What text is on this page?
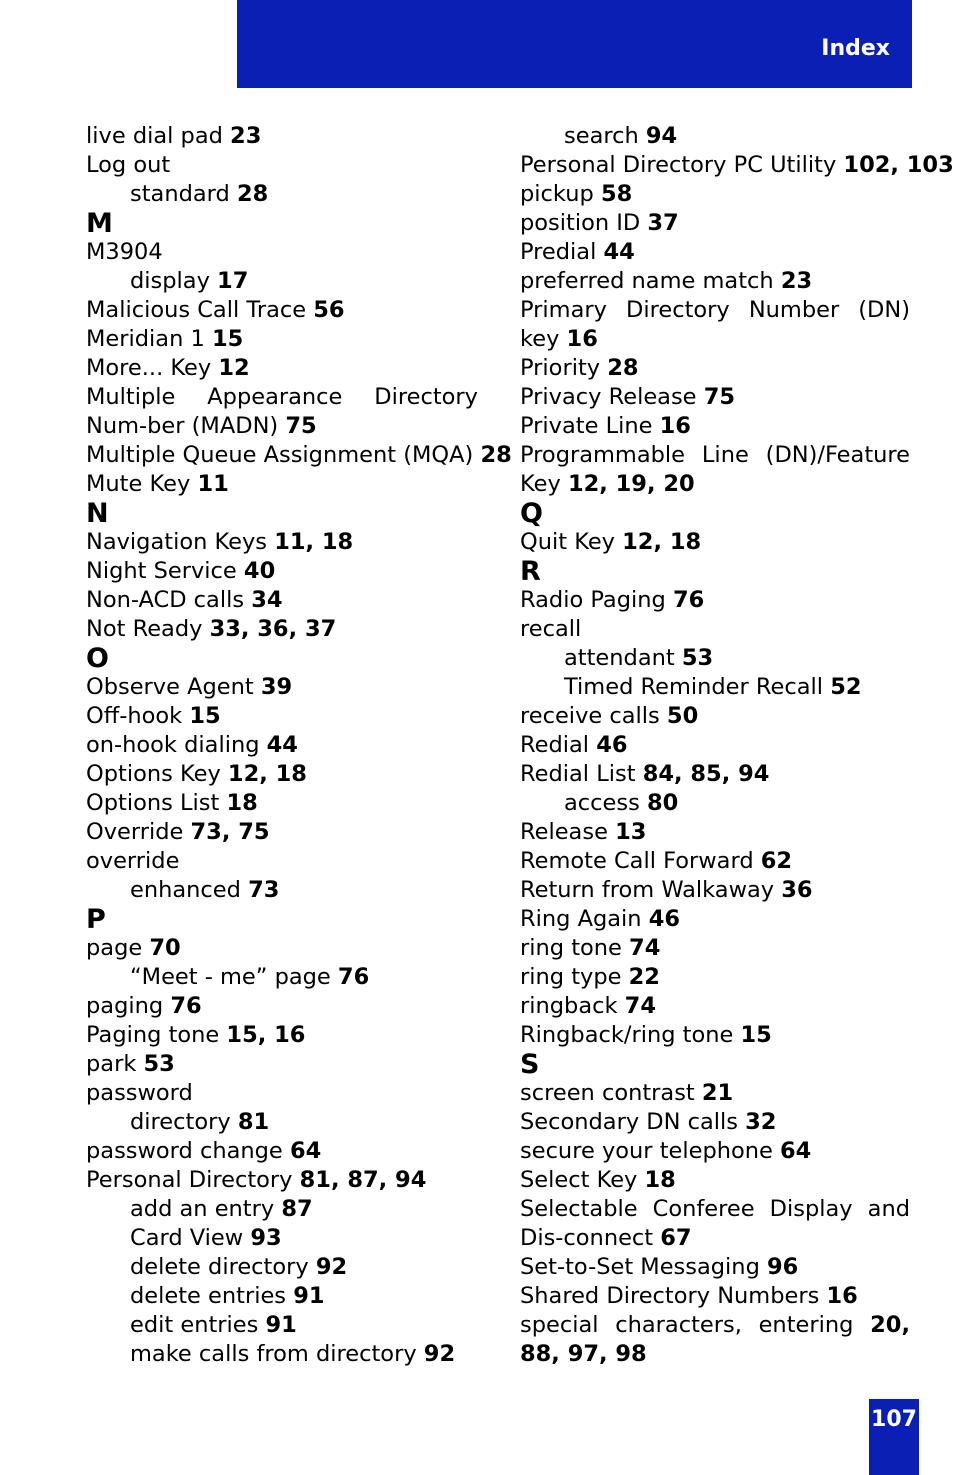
Index
live dial pad 23
Log out
standard 28
M
M3904
display 17
Malicious Call Trace 56
Meridian 1 15
More... Key 12
Multiple Appearance Directory Num-ber (MADN) 75
Multiple Queue Assignment (MQA) 28
Mute Key 11
N
Navigation Keys 11, 18
Night Service 40
Non-ACD calls 34
Not Ready 33, 36, 37
O
Observe Agent 39
Off-hook 15
on-hook dialing 44
Options Key 12, 18
Options List 18
Override 73, 75
override
enhanced 73
P
page 70
“Meet - me” page 76
paging 76
Paging tone 15, 16
park 53
password
directory 81
password change 64
Personal Directory 81, 87, 94
add an entry 87
Card View 93
delete directory 92
delete entries 91
edit entries 91
make calls from directory 92
search 94
Personal Directory PC Utility 102, 103
pickup 58
position ID 37
Predial 44
preferred name match 23
Primary Directory Number (DN) key 16
Priority 28
Privacy Release 75
Private Line 16
Programmable Line (DN)/Feature Key 12, 19, 20
Q
Quit Key 12, 18
R
Radio Paging 76
recall
attendant 53
Timed Reminder Recall 52
receive calls 50
Redial 46
Redial List 84, 85, 94
access 80
Release 13
Remote Call Forward 62
Return from Walkaway 36
Ring Again 46
ring tone 74
ring type 22
ringback 74
Ringback/ring tone 15
S
screen contrast 21
Secondary DN calls 32
secure your telephone 64
Select Key 18
Selectable Conferee Display and Dis-connect 67
Set-to-Set Messaging 96
Shared Directory Numbers 16
special characters, entering 20, 88, 97, 98
107
